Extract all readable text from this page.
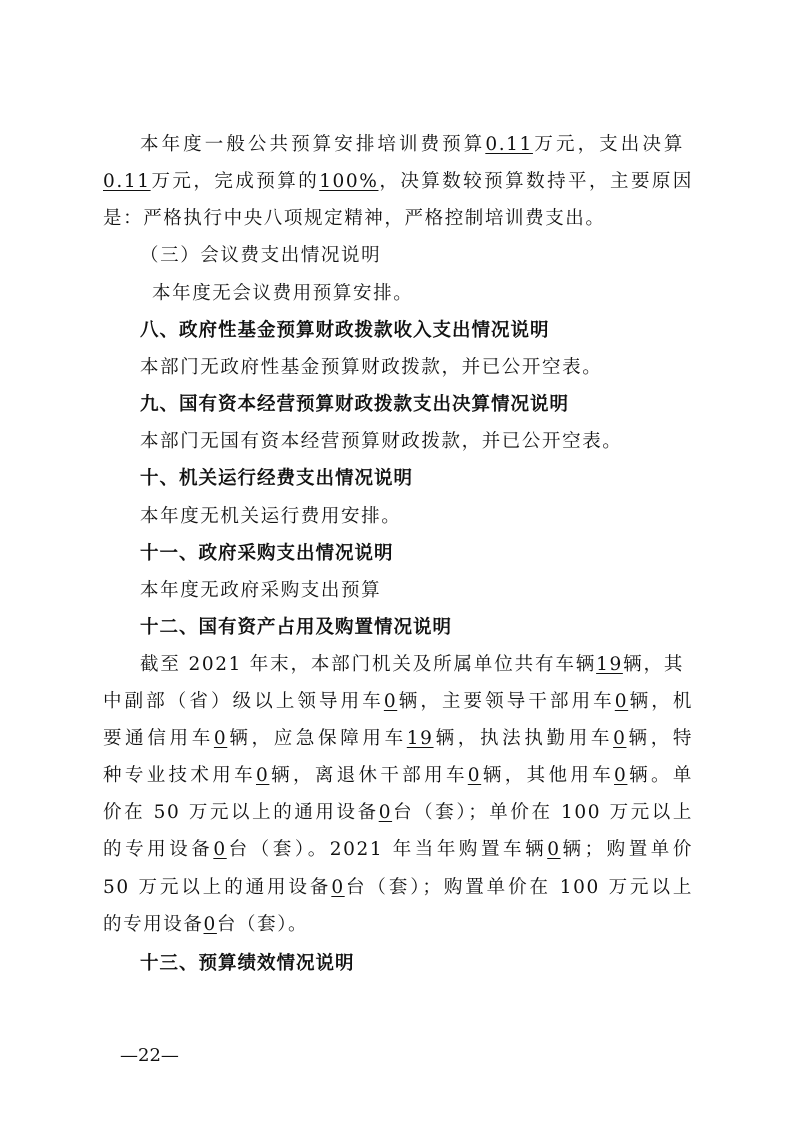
本年度一般公共预算安排培训费预算0.11万元，支出决算
0.11万元，完成预算的100%，决算数较预算数持平，主要原因
是：严格执行中央八项规定精神，严格控制培训费支出。
（三）会议费支出情况说明
本年度无会议费用预算安排。
八、政府性基金预算财政拨款收入支出情况说明
本部门无政府性基金预算财政拨款，并已公开空表。
九、国有资本经营预算财政拨款支出决算情况说明
本部门无国有资本经营预算财政拨款，并已公开空表。
十、机关运行经费支出情况说明
本年度无机关运行费用安排。
十一、政府采购支出情况说明
本年度无政府采购支出预算
十二、国有资产占用及购置情况说明
截至 2021 年末，本部门机关及所属单位共有车辆19辆，其
中副部（省）级以上领导用车0辆，主要领导干部用车0辆，机
要通信用车0辆，应急保障用车19辆，执法执勤用车0辆，特
种专业技术用车0辆，离退休干部用车0辆，其他用车0辆。单
价在 50 万元以上的通用设备0台（套）；单价在 100 万元以上
的专用设备0台（套）。2021 年当年购置车辆0辆；购置单价
50 万元以上的通用设备0台（套）；购置单价在 100 万元以上
的专用设备0台（套）。
十三、预算绩效情况说明
—22—
